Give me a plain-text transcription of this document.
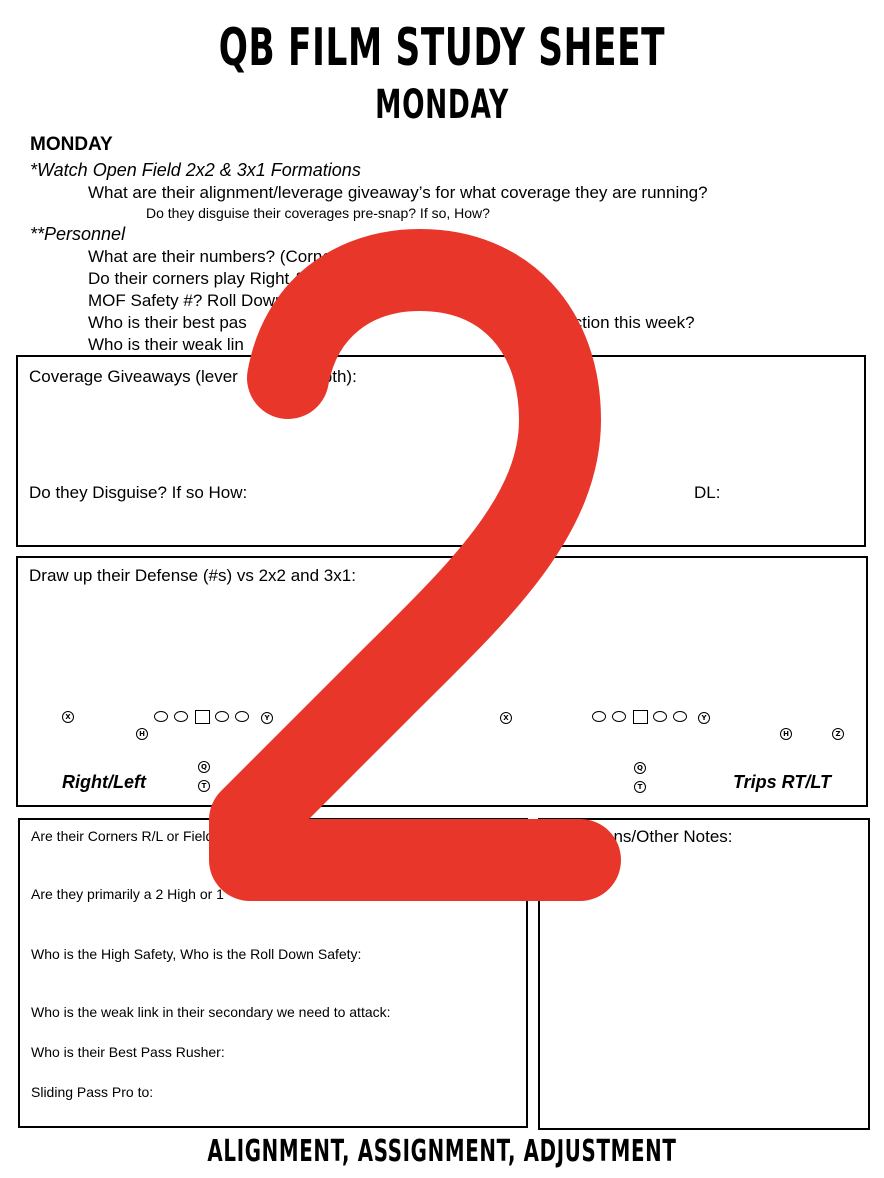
QB FILM STUDY SHEET
MONDAY
MONDAY
*Watch Open Field 2x2 & 3x1 Formations
What are their alignment/leverage giveaway’s for what coverage they are running?
Do they disguise their coverages pre-snap? If so, How?
**Personnel
What are their numbers? (Corners, Safeties, LBs, DL)
Do their corners play Right & Lef	?
MOF Safety #? Roll Down
Who is their best pas	otection this week?
Who is their weak lin
Coverage Giveaways (lever , tilt, depth):	’s
Do they Disguise? If so How:	DL:
Draw up their Defense (#s) vs 2x2 and 3x1:
X
H
Y
Q
T
Right/Left
X	Y
H	Z
Q
T	Trips RT/LT
Are their Corners R/L or Field
Are they primarily a 2 High or 1	team:
Who is the High Safety, Who is the Roll Down Safety:
Who is the weak link in their secondary we need to attack:
Who is their Best Pass Rusher:
Sliding Pass Pro to:
ons/Other Notes:
ALIGNMENT, ASSIGNMENT, ADJUSTMENT
